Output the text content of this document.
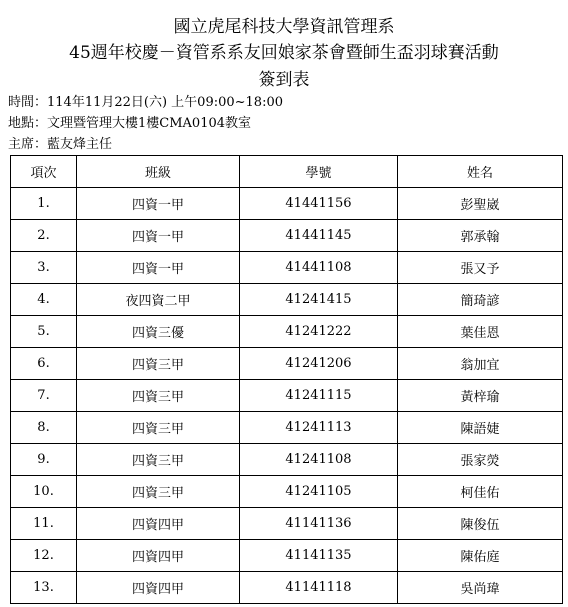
國立虎尾科技大學資訊管理系
45週年校慶－資管系系友回娘家茶會暨師生盃羽球賽活動
簽到表
時間：114年11月22日(六) 上午09:00~18:00
地點：文理暨管理大樓1樓CMA0104教室
主席：藍友烽主任
項次	班級	學號	姓名
1.	四資一甲	41441156	彭聖崴
2.	四資一甲	41441145	郭承翰
3.	四資一甲	41441108	張又予
4.	夜四資二甲	41241415	簡琦諺
5.	四資三優	41241222	葉佳恩
6.	四資三甲	41241206	翁加宜
7.	四資三甲	41241115	黃梓瑜
8.	四資三甲	41241113	陳語婕
9.	四資三甲	41241108	張家熒
10.	四資三甲	41241105	柯佳佑
11.	四資四甲	41141136	陳俊伍
12.	四資四甲	41141135	陳佑庭
13.	四資四甲	41141118	吳尚瑋
